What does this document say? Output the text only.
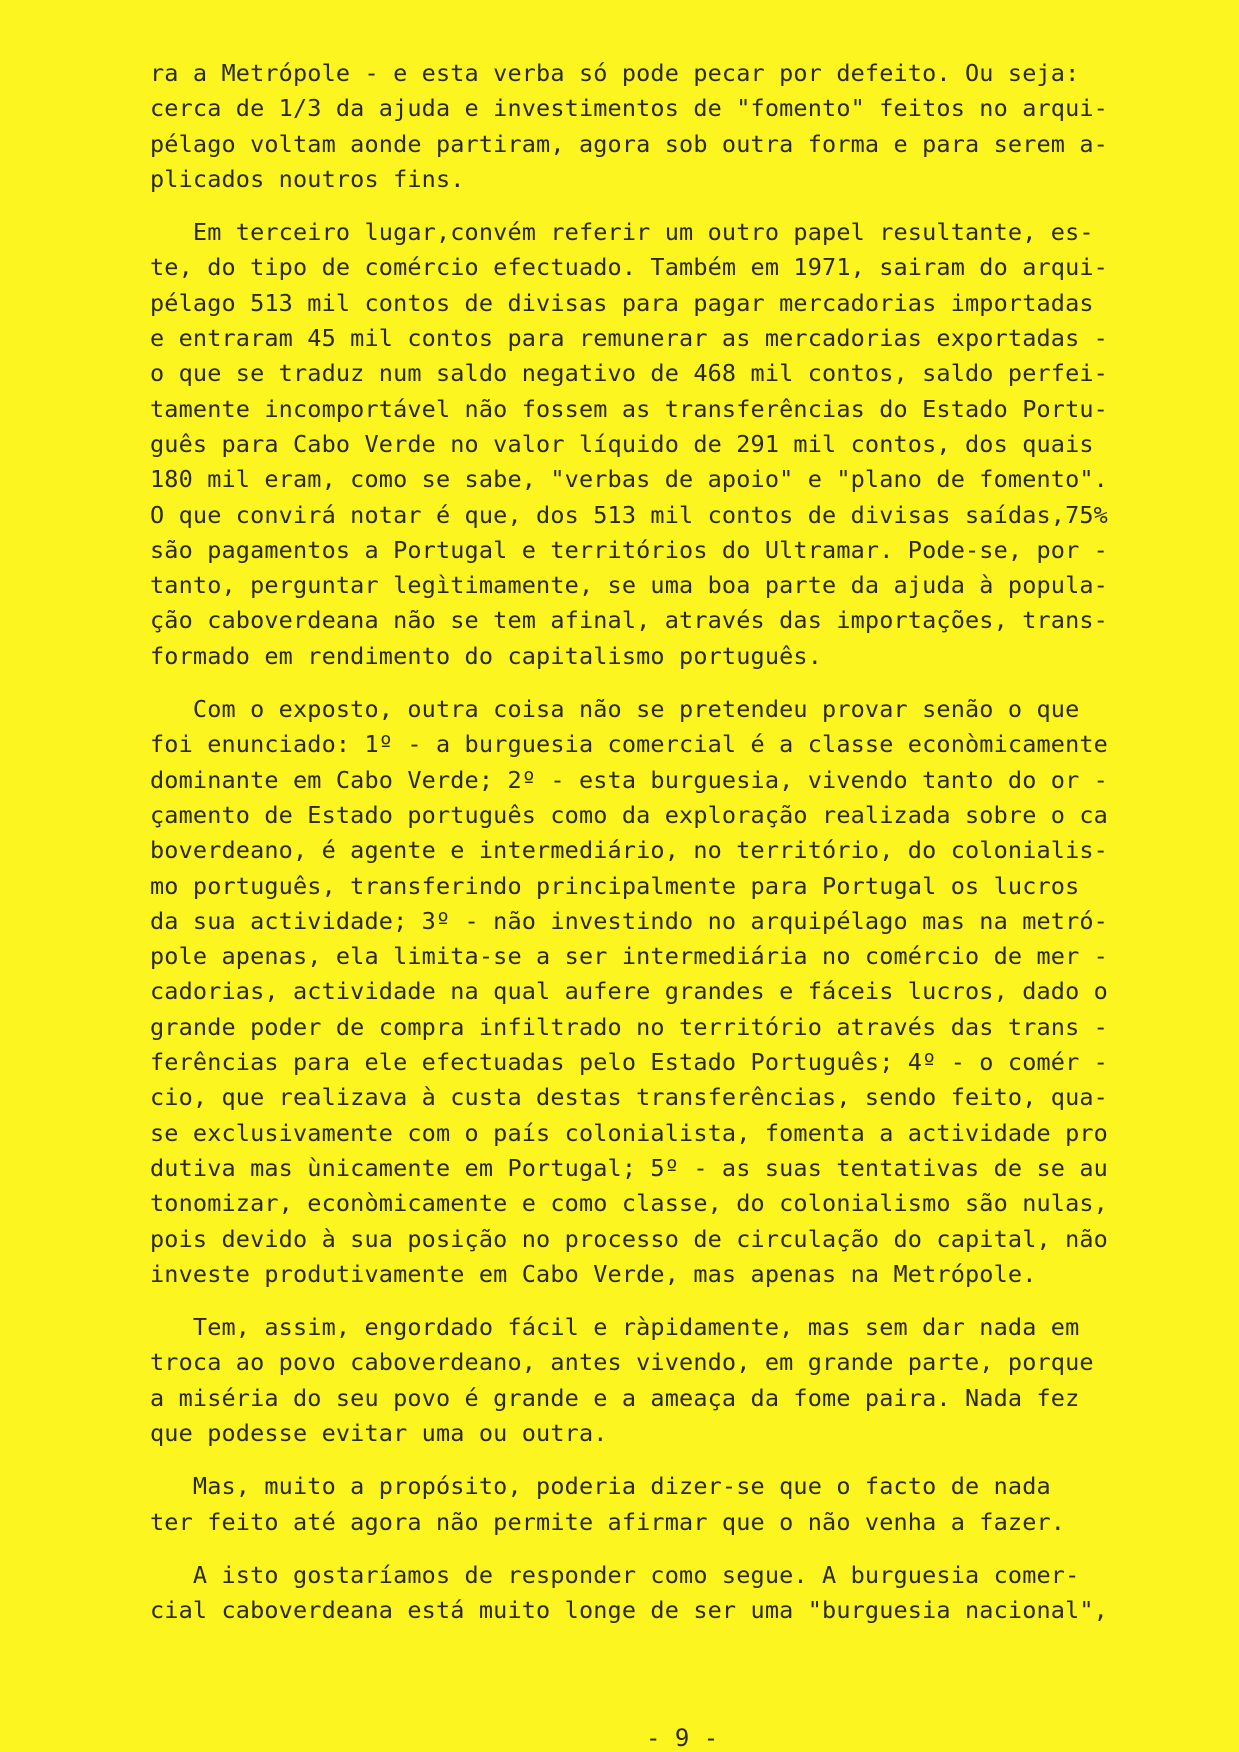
ra a Metrópole - e esta verba só pode pecar por defeito. Ou seja:
cerca de 1/3 da ajuda e investimentos de "fomento" feitos no arqui-
pélago voltam aonde partiram, agora sob outra forma e para serem a-
plicados noutros fins.
Em terceiro lugar,convém referir um outro papel resultante, es-
te, do tipo de comércio efectuado. Também em 1971, sairam do arqui-
pélago 513 mil contos de divisas para pagar mercadorias importadas
e entraram 45 mil contos para remunerar as mercadorias exportadas -
o que se traduz num saldo negativo de 468 mil contos, saldo perfei-
tamente incomportável não fossem as transferências do Estado Portu-
guês para Cabo Verde no valor líquido de 291 mil contos, dos quais
180 mil eram, como se sabe, "verbas de apoio" e "plano de fomento".
O que convirá notar é que, dos 513 mil contos de divisas saídas,75%
são pagamentos a Portugal e territórios do Ultramar. Pode-se, por -
tanto, perguntar legìtimamente, se uma boa parte da ajuda à popula-
ção caboverdeana não se tem afinal, através das importações, trans-
formado em rendimento do capitalismo português.
Com o exposto, outra coisa não se pretendeu provar senão o que
foi enunciado: 1º - a burguesia comercial é a classe econòmicamente
dominante em Cabo Verde; 2º - esta burguesia, vivendo tanto do or -
çamento de Estado português como da exploração realizada sobre o ca
boverdeano, é agente e intermediário, no território, do colonialis-
mo português, transferindo principalmente para Portugal os lucros
da sua actividade; 3º - não investindo no arquipélago mas na metró-
pole apenas, ela limita-se a ser intermediária no comércio de mer -
cadorias, actividade na qual aufere grandes e fáceis lucros, dado o
grande poder de compra infiltrado no território através das trans -
ferências para ele efectuadas pelo Estado Português; 4º - o comér -
cio, que realizava à custa destas transferências, sendo feito, qua-
se exclusivamente com o país colonialista, fomenta a actividade pro
dutiva mas ùnicamente em Portugal; 5º - as suas tentativas de se au
tonomizar, econòmicamente e como classe, do colonialismo são nulas,
pois devido à sua posição no processo de circulação do capital, não
investe produtivamente em Cabo Verde, mas apenas na Metrópole.
Tem, assim, engordado fácil e ràpidamente, mas sem dar nada em
troca ao povo caboverdeano, antes vivendo, em grande parte, porque
a miséria do seu povo é grande e a ameaça da fome paira. Nada fez
que podesse evitar uma ou outra.
Mas, muito a propósito, poderia dizer-se que o facto de nada
ter feito até agora não permite afirmar que o não venha a fazer.
A isto gostaríamos de responder como segue. A burguesia comer-
cial caboverdeana está muito longe de ser uma "burguesia nacional",
- 9 -
